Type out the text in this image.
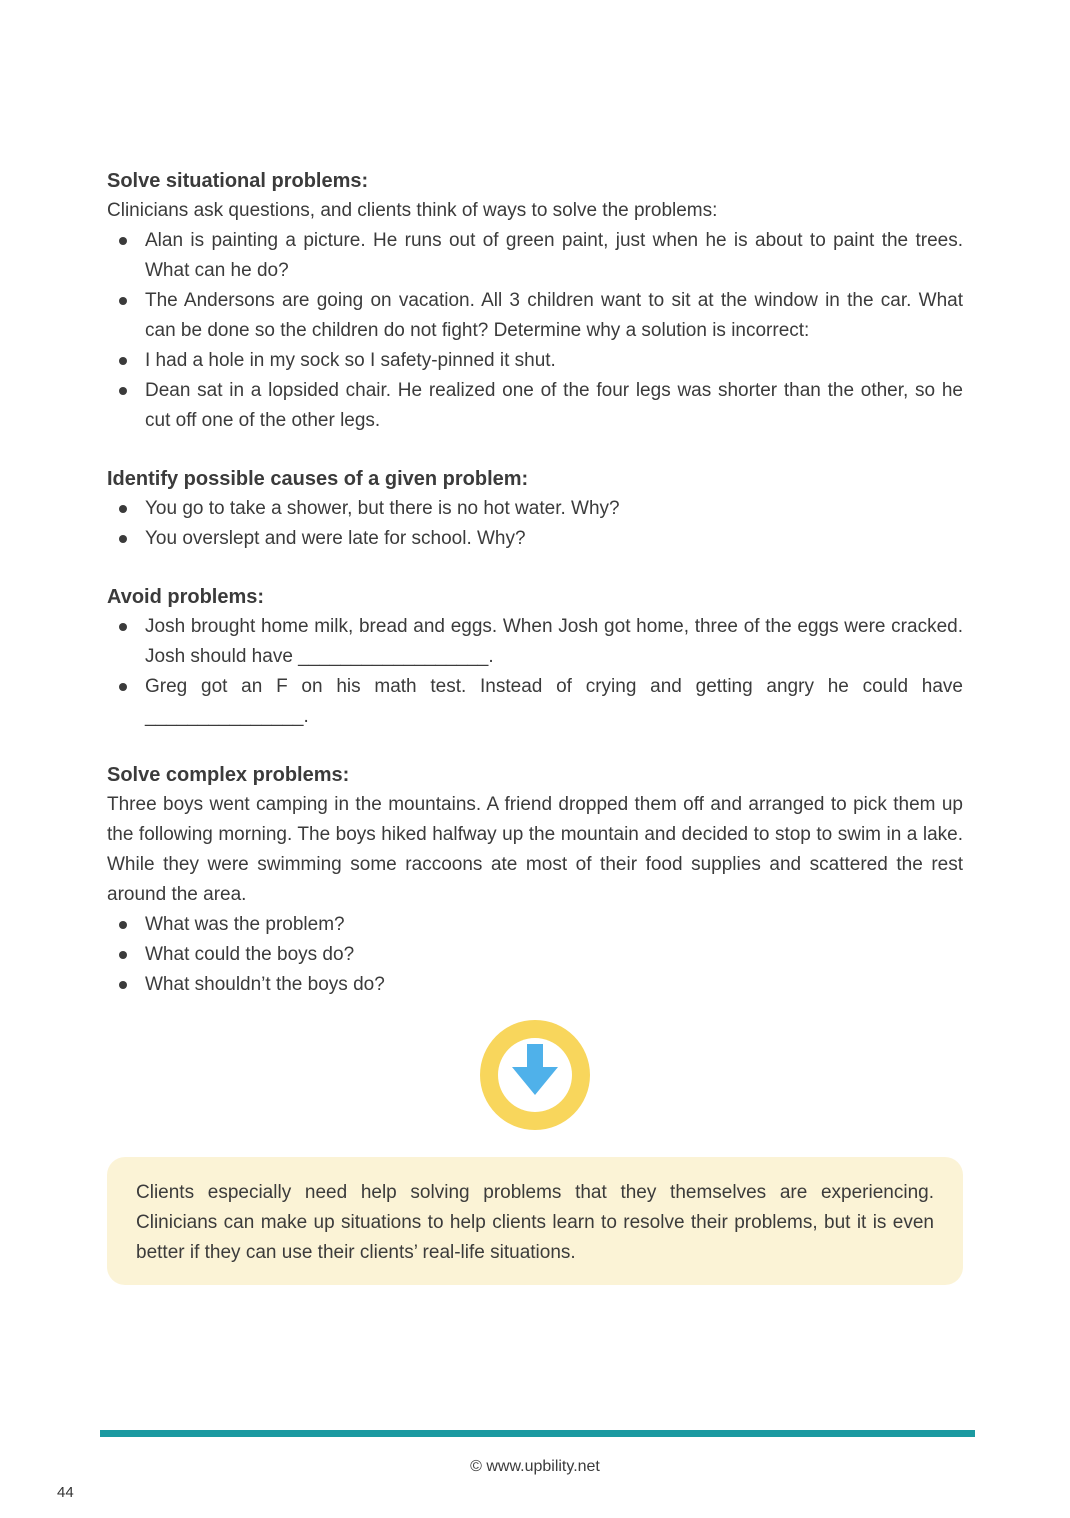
Solve situational problems:

Clinicians ask questions, and clients think of ways to solve the problems:

Alan is painting a picture. He runs out of green paint, just when he is about to paint the trees. What can he do?
The Andersons are going on vacation. All 3 children want to sit at the window in the car. What can be done so the children do not fight? Determine why a solution is incorrect:
I had a hole in my sock so I safety-pinned it shut.
Dean sat in a lopsided chair. He realized one of the four legs was shorter than the other, so he cut off one of the other legs.
Identify possible causes of a given problem:
You go to take a shower, but there is no hot water. Why?
You overslept and were late for school. Why?
Avoid problems:
Josh brought home milk, bread and eggs. When Josh got home, three of the eggs were cracked. Josh should have __________________.
Greg got an F on his math test. Instead of crying and getting angry he could have _______________.
Solve complex problems:

Three boys went camping in the mountains. A friend dropped them off and arranged to pick them up the following morning. The boys hiked halfway up the mountain and decided to stop to swim in a lake. While they were swimming some raccoons ate most of their food supplies and scattered the rest around the area.

What was the problem?
What could the boys do?
What shouldn’t the boys do?

Clients especially need help solving problems that they themselves are experiencing. Clinicians can make up situations to help clients learn to resolve their problems, but it is even better if they can use their clients’ real-life situations.

© www.upbility.net
44
